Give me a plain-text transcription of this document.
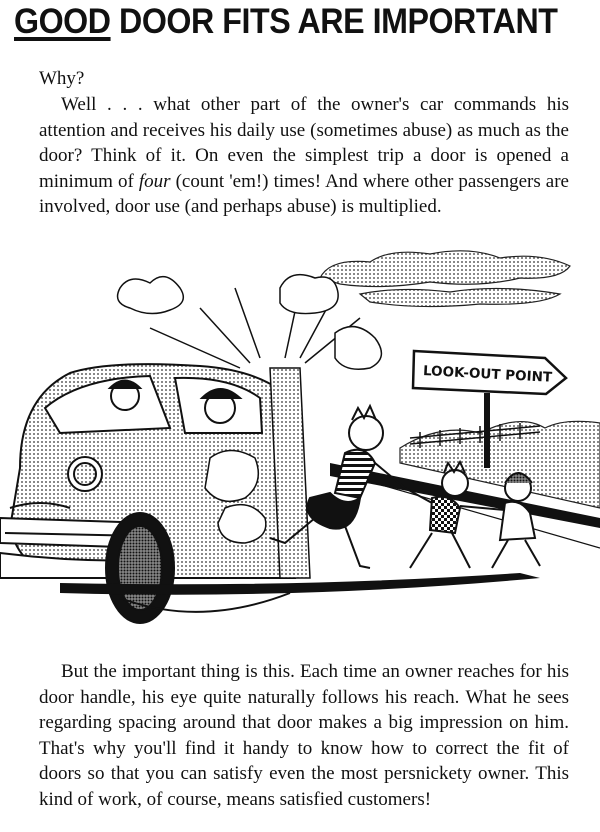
GOOD DOOR FITS ARE IMPORTANT

Why?

Well . . . what other part of the owner's car commands his attention and receives his daily use (sometimes abuse) as much as the door? Think of it. On even the simplest trip a door is opened a minimum of four (count 'em!) times! And where other passengers are involved, door use (and perhaps abuse) is multiplied.

LOOK-OUT POINT

But the important thing is this. Each time an owner reaches for his door handle, his eye quite naturally follows his reach. What he sees regarding spacing around that door makes a big impression on him. That's why you'll find it handy to know how to correct the fit of doors so that you can satisfy even the most persnickety owner. This kind of work, of course, means satisfied customers!
